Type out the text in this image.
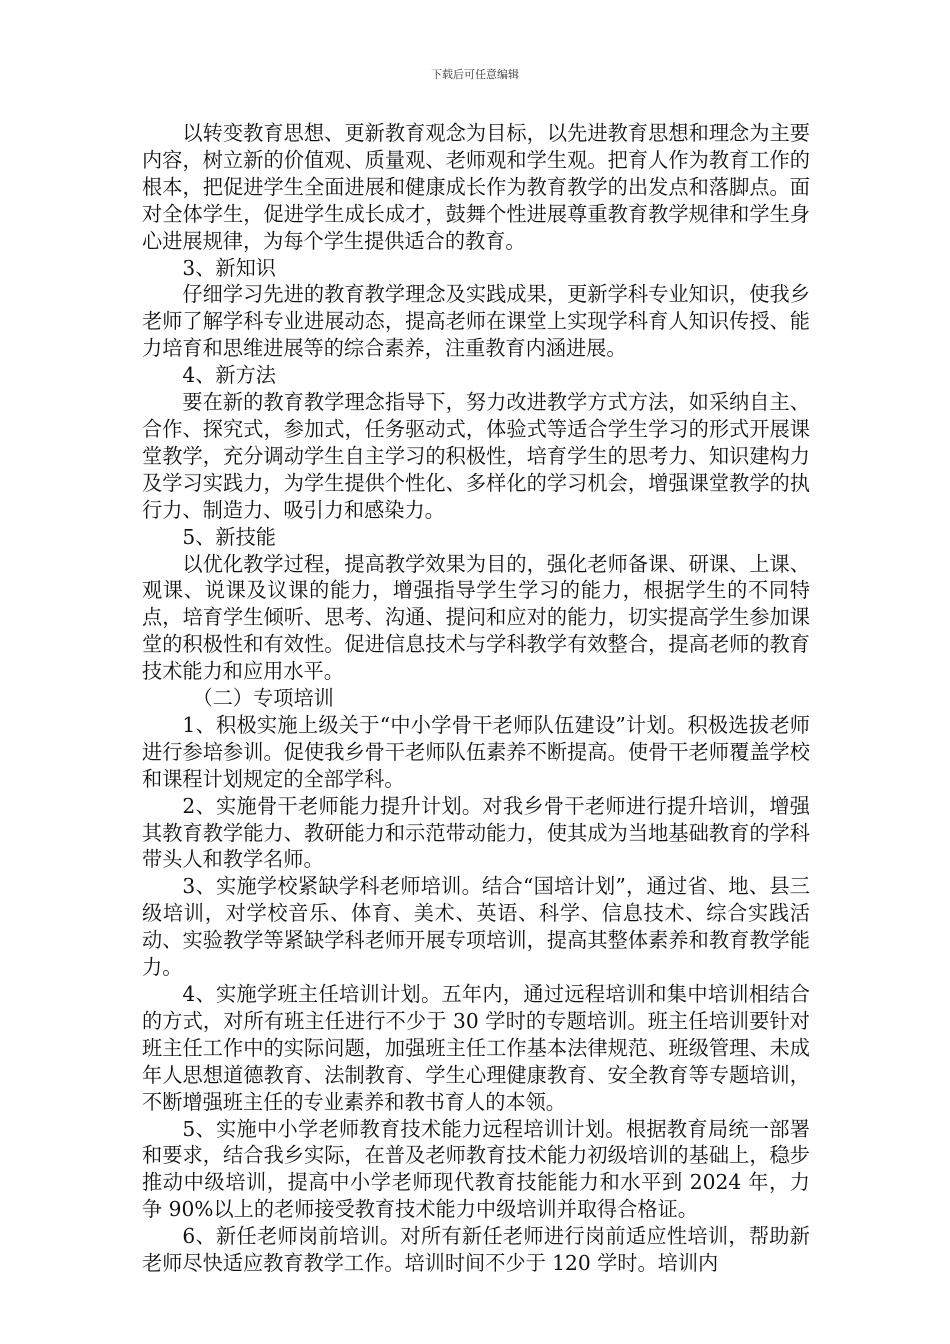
下载后可任意编辑

以转变教育思想、更新教育观念为目标，以先进教育思想和理念为主要内容，树立新的价值观、质量观、老师观和学生观。把育人作为教育工作的根本，把促进学生全面进展和健康成长作为教育教学的出发点和落脚点。面对全体学生，促进学生成长成才，鼓舞个性进展尊重教育教学规律和学生身心进展规律，为每个学生提供适合的教育。

3、新知识

仔细学习先进的教育教学理念及实践成果，更新学科专业知识，使我乡老师了解学科专业进展动态，提高老师在课堂上实现学科育人知识传授、能力培育和思维进展等的综合素养，注重教育内涵进展。

4、新方法

要在新的教育教学理念指导下，努力改进教学方式方法，如采纳自主、合作、探究式，参加式，任务驱动式，体验式等适合学生学习的形式开展课堂教学，充分调动学生自主学习的积极性，培育学生的思考力、知识建构力及学习实践力，为学生提供个性化、多样化的学习机会，增强课堂教学的执行力、制造力、吸引力和感染力。

5、新技能

以优化教学过程，提高教学效果为目的，强化老师备课、研课、上课、观课、说课及议课的能力，增强指导学生学习的能力，根据学生的不同特点，培育学生倾听、思考、沟通、提问和应对的能力，切实提高学生参加课堂的积极性和有效性。促进信息技术与学科教学有效整合，提高老师的教育技术能力和应用水平。

（二）专项培训

1、积极实施上级关于“中小学骨干老师队伍建设”计划。积极选拔老师进行参培参训。促使我乡骨干老师队伍素养不断提高。使骨干老师覆盖学校和课程计划规定的全部学科。

2、实施骨干老师能力提升计划。对我乡骨干老师进行提升培训，增强其教育教学能力、教研能力和示范带动能力，使其成为当地基础教育的学科带头人和教学名师。

3、实施学校紧缺学科老师培训。结合“国培计划”，通过省、地、县三级培训，对学校音乐、体育、美术、英语、科学、信息技术、综合实践活动、实验教学等紧缺学科老师开展专项培训，提高其整体素养和教育教学能力。

4、实施学班主任培训计划。五年内，通过远程培训和集中培训相结合的方式，对所有班主任进行不少于 30 学时的专题培训。班主任培训要针对班主任工作中的实际问题，加强班主任工作基本法律规范、班级管理、未成年人思想道德教育、法制教育、学生心理健康教育、安全教育等专题培训，不断增强班主任的专业素养和教书育人的本领。

5、实施中小学老师教育技术能力远程培训计划。根据教育局统一部署和要求，结合我乡实际，在普及老师教育技术能力初级培训的基础上，稳步推动中级培训，提高中小学老师现代教育技能能力和水平到 2024 年，力争 90%以上的老师接受教育技术能力中级培训并取得合格证。

6、新任老师岗前培训。对所有新任老师进行岗前适应性培训，帮助新老师尽快适应教育教学工作。培训时间不少于 120 学时。培训内
